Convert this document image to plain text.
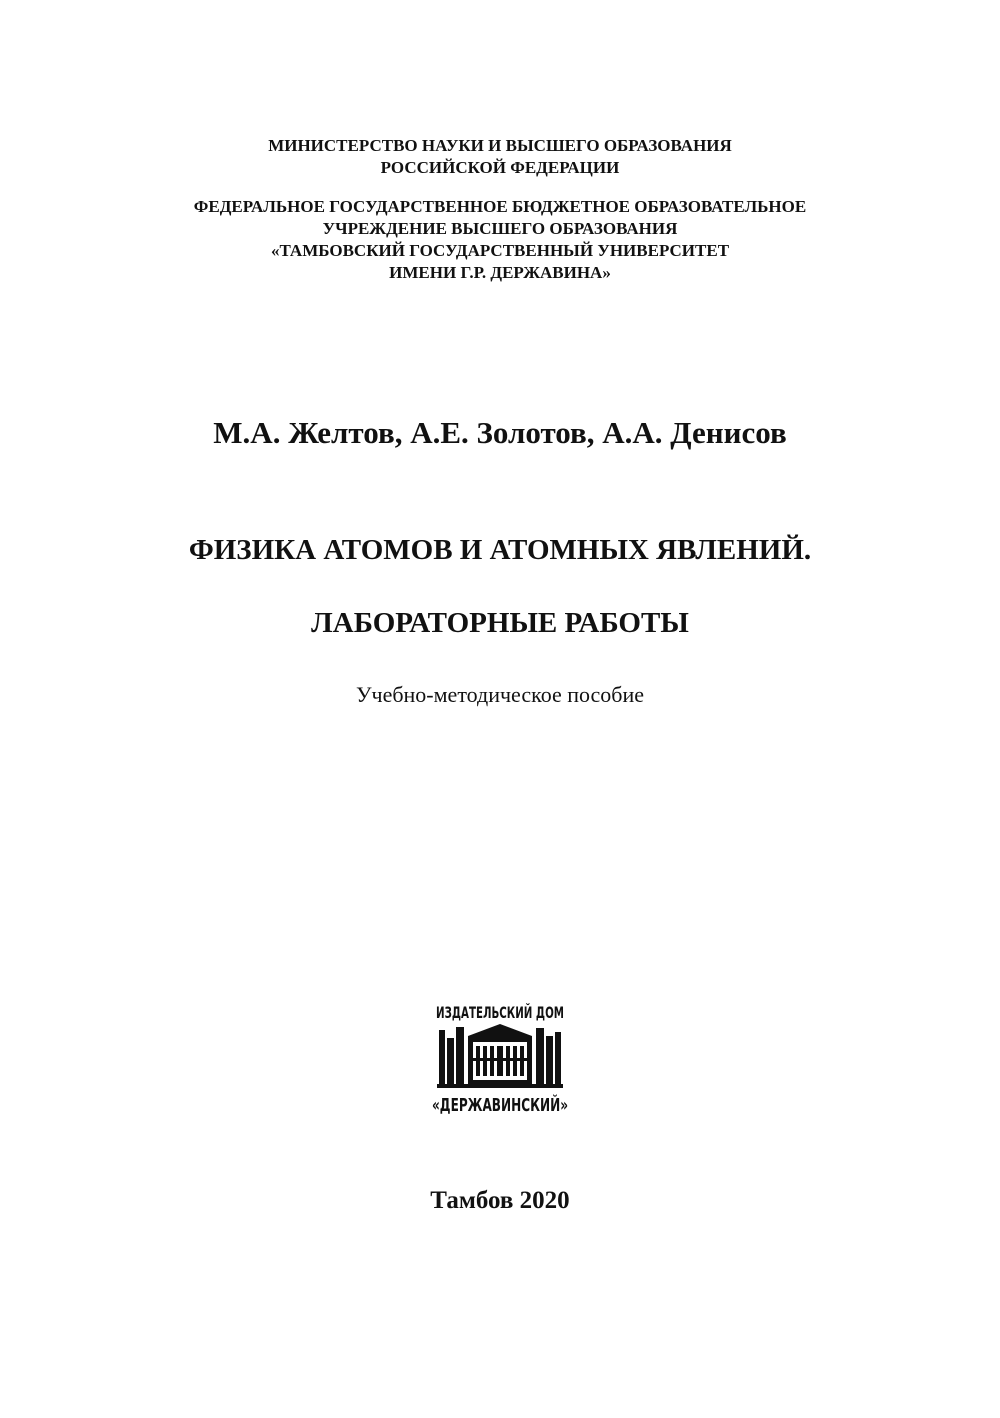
МИНИСТЕРСТВО НАУКИ И ВЫСШЕГО ОБРАЗОВАНИЯ
РОССИЙСКОЙ ФЕДЕРАЦИИ
ФЕДЕРАЛЬНОЕ ГОСУДАРСТВЕННОЕ БЮДЖЕТНОЕ ОБРАЗОВАТЕЛЬНОЕ
УЧРЕЖДЕНИЕ ВЫСШЕГО ОБРАЗОВАНИЯ
«ТАМБОВСКИЙ ГОСУДАРСТВЕННЫЙ УНИВЕРСИТЕТ
ИМЕНИ Г.Р. ДЕРЖАВИНА»
М.А. Желтов, А.Е. Золотов, А.А. Денисов
ФИЗИКА АТОМОВ И АТОМНЫХ ЯВЛЕНИЙ.
ЛАБОРАТОРНЫЕ РАБОТЫ
Учебно-методическое пособие
ИЗДАТЕЛЬСКИЙ ДОМ
«ДЕРЖАВИНСКИЙ»
Тамбов 2020
